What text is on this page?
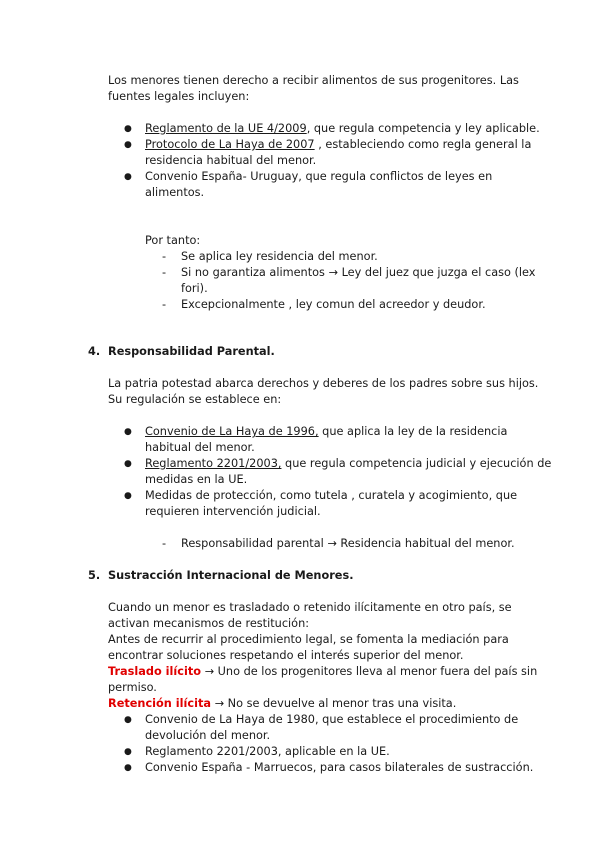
Los menores tienen derecho a recibir alimentos de sus progenitores. Las
fuentes legales incluyen:
● Reglamento de la UE 4/2009, que regula competencia y ley aplicable.
● Protocolo de La Haya de 2007 , estableciendo como regla general la
residencia habitual del menor.
● Convenio España- Uruguay, que regula conflictos de leyes en
alimentos.
Por tanto:
- Se aplica ley residencia del menor.
- Si no garantiza alimentos → Ley del juez que juzga el caso (lex
fori).
- Excepcionalmente , ley comun del acreedor y deudor.
4. Responsabilidad Parental.
La patria potestad abarca derechos y deberes de los padres sobre sus hijos.
Su regulación se establece en:
● Convenio de La Haya de 1996, que aplica la ley de la residencia
habitual del menor.
● Reglamento 2201/2003, que regula competencia judicial y ejecución de
medidas en la UE.
● Medidas de protección, como tutela , curatela y acogimiento, que
requieren intervención judicial.
- Responsabilidad parental → Residencia habitual del menor.
5. Sustracción Internacional de Menores.
Cuando un menor es trasladado o retenido ilícitamente en otro país, se
activan mecanismos de restitución:
Antes de recurrir al procedimiento legal, se fomenta la mediación para
encontrar soluciones respetando el interés superior del menor.
Traslado ilícito → Uno de los progenitores lleva al menor fuera del país sin
permiso.
Retención ilícita → No se devuelve al menor tras una visita.
● Convenio de La Haya de 1980, que establece el procedimiento de
devolución del menor.
● Reglamento 2201/2003, aplicable en la UE.
● Convenio España - Marruecos, para casos bilaterales de sustracción.
